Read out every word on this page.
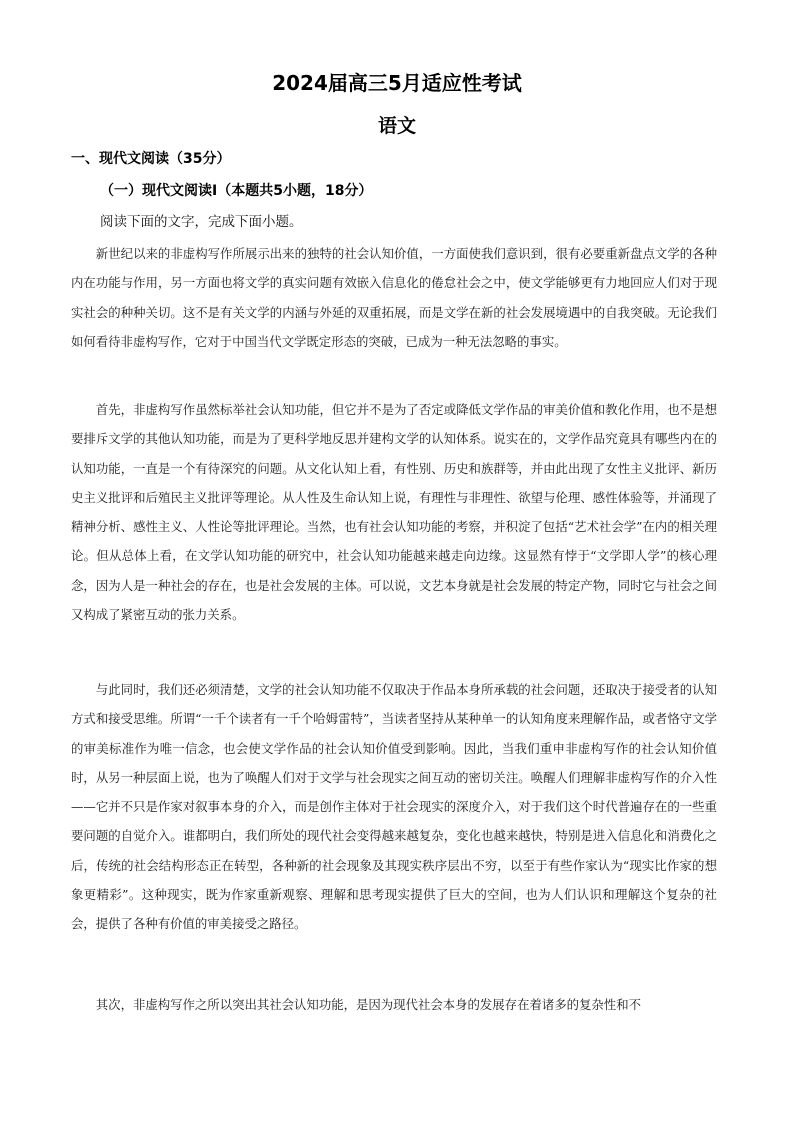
2024届高三5月适应性考试
语文
一、现代文阅读（35分）
（一）现代文阅读Ⅰ（本题共5小题，18分）
阅读下面的文字，完成下面小题。

新世纪以来的非虚构写作所展示出来的独特的社会认知价值，一方面使我们意识到，很有必要重新盘点文学的各种内在功能与作用，另一方面也将文学的真实问题有效嵌入信息化的倦怠社会之中，使文学能够更有力地回应人们对于现实社会的种种关切。这不是有关文学的内涵与外延的双重拓展，而是文学在新的社会发展境遇中的自我突破。无论我们如何看待非虚构写作，它对于中国当代文学既定形态的突破，已成为一种无法忽略的事实。

首先，非虚构写作虽然标举社会认知功能，但它并不是为了否定或降低文学作品的审美价值和教化作用，也不是想要排斥文学的其他认知功能，而是为了更科学地反思并建构文学的认知体系。说实在的，文学作品究竟具有哪些内在的认知功能，一直是一个有待深究的问题。从文化认知上看，有性别、历史和族群等，并由此出现了女性主义批评、新历史主义批评和后殖民主义批评等理论。从人性及生命认知上说，有理性与非理性、欲望与伦理、感性体验等，并涌现了精神分析、感性主义、人性论等批评理论。当然，也有社会认知功能的考察，并积淀了包括“艺术社会学”在内的相关理论。但从总体上看，在文学认知功能的研究中，社会认知功能越来越走向边缘。这显然有悖于“文学即人学”的核心理念，因为人是一种社会的存在，也是社会发展的主体。可以说，文艺本身就是社会发展的特定产物，同时它与社会之间又构成了紧密互动的张力关系。

与此同时，我们还必须清楚，文学的社会认知功能不仅取决于作品本身所承载的社会问题，还取决于接受者的认知方式和接受思维。所谓“一千个读者有一千个哈姆雷特”，当读者坚持从某种单一的认知角度来理解作品，或者恪守文学的审美标准作为唯一信念，也会使文学作品的社会认知价值受到影响。因此，当我们重申非虚构写作的社会认知价值时，从另一种层面上说，也为了唤醒人们对于文学与社会现实之间互动的密切关注。唤醒人们理解非虚构写作的介入性——它并不只是作家对叙事本身的介入，而是创作主体对于社会现实的深度介入，对于我们这个时代普遍存在的一些重要问题的自觉介入。谁都明白，我们所处的现代社会变得越来越复杂，变化也越来越快，特别是进入信息化和消费化之后，传统的社会结构形态正在转型，各种新的社会现象及其现实秩序层出不穷，以至于有些作家认为“现实比作家的想象更精彩”。这种现实，既为作家重新观察、理解和思考现实提供了巨大的空间，也为人们认识和理解这个复杂的社会，提供了各种有价值的审美接受之路径。

其次，非虚构写作之所以突出其社会认知功能，是因为现代社会本身的发展存在着诸多的复杂性和不
